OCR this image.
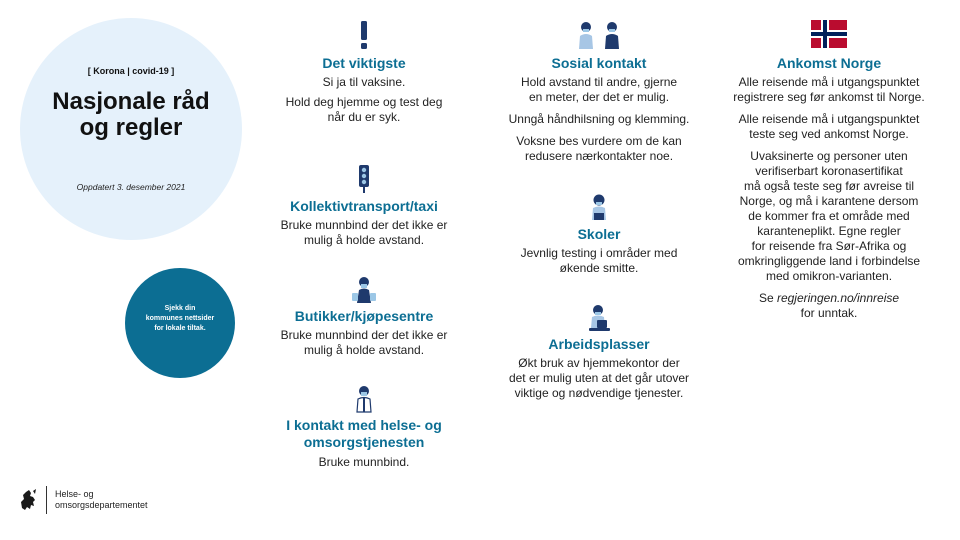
[ Korona | covid-19 ]
Nasjonale råd
og regler
Oppdatert 3. desember 2021
Sjekk din
kommunes nettsider
for lokale tiltak.
Det viktigste
Si ja til vaksine.
Hold deg hjemme og test deg
når du er syk.
Kollektivtransport/taxi
Bruke munnbind der det ikke er
mulig å holde avstand.
Butikker/kjøpesentre
Bruke munnbind der det ikke er
mulig å holde avstand.
I kontakt med helse- og
omsorgstjenesten
Bruke munnbind.
Sosial kontakt
Hold avstand til andre, gjerne
en meter, der det er mulig.
Unngå håndhilsning og klemming.
Voksne bes vurdere om de kan
redusere nærkontakter noe.
Skoler
Jevnlig testing i områder med
økende smitte.
Arbeidsplasser
Økt bruk av hjemmekontor der
det er mulig uten at det går utover
viktige og nødvendige tjenester.
Ankomst Norge
Alle reisende må i utgangspunktet
registrere seg før ankomst til Norge.
Alle reisende må i utgangspunktet
teste seg ved ankomst Norge.
Uvaksinerte og personer uten
verifiserbart koronasertifikat
må også teste seg før avreise til
Norge, og må i karantene dersom
de kommer fra et område med
karanteneplikt. Egne regler
for reisende fra Sør-Afrika og
omkringliggende land i forbindelse
med omikron-varianten.
Se regjeringen.no/innreise
for unntak.
Helse- og
omsorgsdepartementet
